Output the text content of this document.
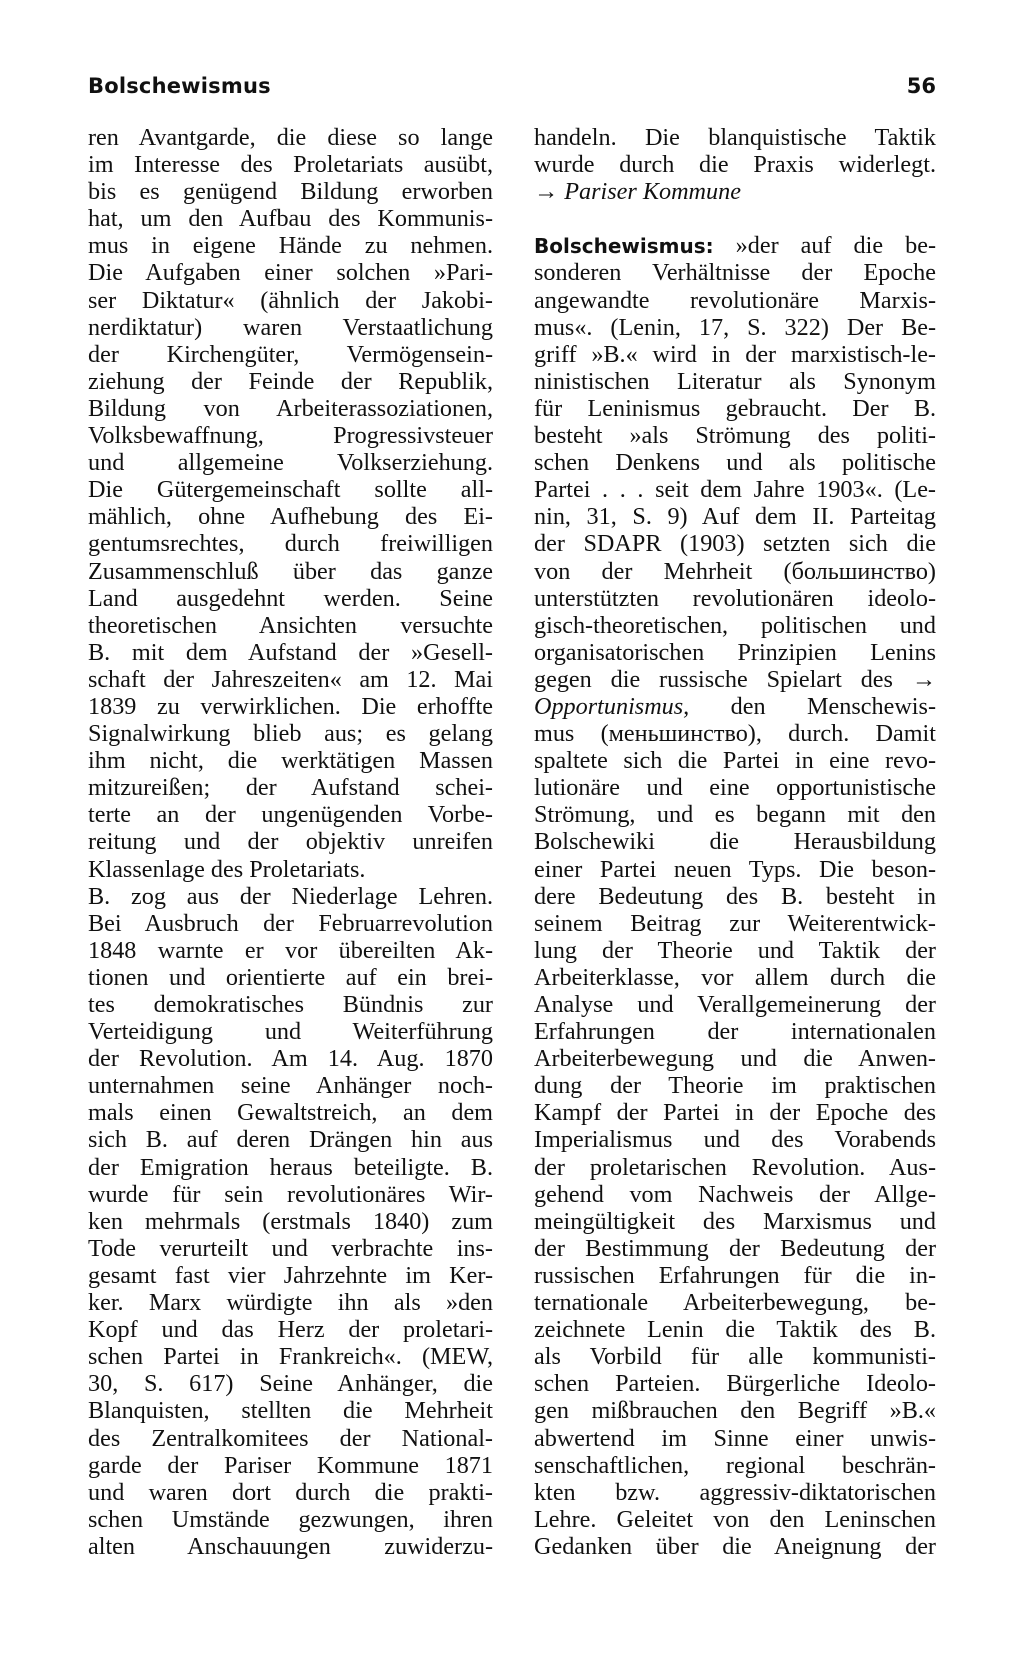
Bolschewismus	56
ren Avantgarde, die diese so lange
im Interesse des Proletariats ausübt,
bis es genügend Bildung erworben
hat, um den Aufbau des Kommunis-
mus in eigene Hände zu nehmen.
Die Aufgaben einer solchen »Pari-
ser Diktatur« (ähnlich der Jakobi-
nerdiktatur) waren Verstaatlichung
der Kirchengüter, Vermögensein-
ziehung der Feinde der Republik,
Bildung von Arbeiterassoziationen,
Volksbewaffnung, Progressivsteuer
und allgemeine Volkserziehung.
Die Gütergemeinschaft sollte all-
mählich, ohne Aufhebung des Ei-
gentumsrechtes, durch freiwilligen
Zusammenschluß über das ganze
Land ausgedehnt werden. Seine
theoretischen Ansichten versuchte
B. mit dem Aufstand der »Gesell-
schaft der Jahreszeiten« am 12. Mai
1839 zu verwirklichen. Die erhoffte
Signalwirkung blieb aus; es gelang
ihm nicht, die werktätigen Massen
mitzureißen; der Aufstand schei-
terte an der ungenügenden Vorbe-
reitung und der objektiv unreifen
Klassenlage des Proletariats.
B. zog aus der Niederlage Lehren.
Bei Ausbruch der Februarrevolution
1848 warnte er vor übereilten Ak-
tionen und orientierte auf ein brei-
tes demokratisches Bündnis zur
Verteidigung und Weiterführung
der Revolution. Am 14. Aug. 1870
unternahmen seine Anhänger noch-
mals einen Gewaltstreich, an dem
sich B. auf deren Drängen hin aus
der Emigration heraus beteiligte. B.
wurde für sein revolutionäres Wir-
ken mehrmals (erstmals 1840) zum
Tode verurteilt und verbrachte ins-
gesamt fast vier Jahrzehnte im Ker-
ker. Marx würdigte ihn als »den
Kopf und das Herz der proletari-
schen Partei in Frankreich«. (MEW,
30, S. 617) Seine Anhänger, die
Blanquisten, stellten die Mehrheit
des Zentralkomitees der National-
garde der Pariser Kommune 1871
und waren dort durch die prakti-
schen Umstände gezwungen, ihren
alten Anschauungen zuwiderzu-
handeln. Die blanquistische Taktik
wurde durch die Praxis widerlegt.
→ Pariser Kommune
Bolschewismus: »der auf die be-
sonderen Verhältnisse der Epoche
angewandte revolutionäre Marxis-
mus«. (Lenin, 17, S. 322) Der Be-
griff »B.« wird in der marxistisch-le-
ninistischen Literatur als Synonym
für Leninismus gebraucht. Der B.
besteht »als Strömung des politi-
schen Denkens und als politische
Partei . . . seit dem Jahre 1903«. (Le-
nin, 31, S. 9) Auf dem II. Parteitag
der SDAPR (1903) setzten sich die
von der Mehrheit (большинство)
unterstützten revolutionären ideolo-
gisch-theoretischen, politischen und
organisatorischen Prinzipien Lenins
gegen die russische Spielart des →
Opportunismus, den Menschewis-
mus (меньшинство), durch. Damit
spaltete sich die Partei in eine revo-
lutionäre und eine opportunistische
Strömung, und es begann mit den
Bolschewiki die Herausbildung
einer Partei neuen Typs. Die beson-
dere Bedeutung des B. besteht in
seinem Beitrag zur Weiterentwick-
lung der Theorie und Taktik der
Arbeiterklasse, vor allem durch die
Analyse und Verallgemeinerung der
Erfahrungen der internationalen
Arbeiterbewegung und die Anwen-
dung der Theorie im praktischen
Kampf der Partei in der Epoche des
Imperialismus und des Vorabends
der proletarischen Revolution. Aus-
gehend vom Nachweis der Allge-
meingültigkeit des Marxismus und
der Bestimmung der Bedeutung der
russischen Erfahrungen für die in-
ternationale Arbeiterbewegung, be-
zeichnete Lenin die Taktik des B.
als Vorbild für alle kommunisti-
schen Parteien. Bürgerliche Ideolo-
gen mißbrauchen den Begriff »B.«
abwertend im Sinne einer unwis-
senschaftlichen, regional beschrän-
kten bzw. aggressiv-diktatorischen
Lehre. Geleitet von den Leninschen
Gedanken über die Aneignung der
